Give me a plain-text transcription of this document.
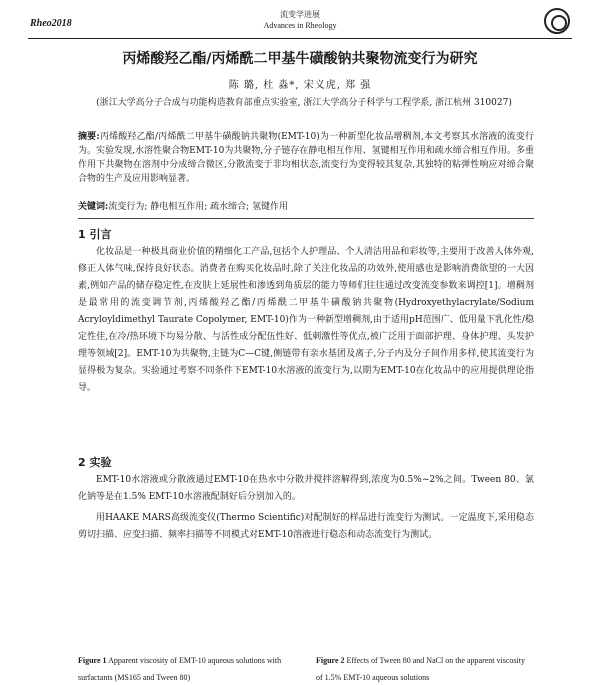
Rheo2018
流变学进展
Advances in Rheology
丙烯酸羟乙酯/丙烯酰二甲基牛磺酸钠共聚物流变行为研究
陈 璐, 杜 淼*, 宋义虎, 郑 强
(浙江大学高分子合成与功能构造教育部重点实验室, 浙江大学高分子科学与工程学系, 浙江杭州 310027)
摘要:丙烯酸羟乙酯/丙烯酰二甲基牛磺酸钠共聚物(EMT-10)为一种新型化妆品增稠剂,本文考察其水溶液的流变行为。实验发现,水溶性聚合物EMT-10为共聚物,分子链存在静电相互作用、氢键相互作用和疏水缔合相互作用。多重作用下共聚物在溶剂中分成缔合微区,分散流变于非均相状态,流变行为变得较其复杂,其独特的粘弹性响应对缔合聚合物的生产及应用影响显著。
关键词:流变行为; 静电相互作用; 疏水缔合; 氢键作用
1 引言
化妆品是一种极具商业价值的精细化工产品,包括个人护理品、个人清洁用品和彩妆等,主要用于改善人体外观,修正人体气味,保持良好状态。消费者在购买化妆品时,除了关注化妆品的功效外,使用感也是影响消费欲望的一大因素,例如产品的储存稳定性,在皮肤上延展性和渗透到角质层的能力等师们往往通过改变流变参数来调控[1]。增稠剂是最常用的流变调节剂,丙烯酸羟乙酯/丙烯酰二甲基牛磺酸钠共聚物(Hydroxyethylacrylate/Sodium Acryloyldimethyl Taurate Copolymer, EMT-10)作为一种新型增稠剂,由于适用pH范围广、低用量下乳化性/稳定性佳,在冷/热环境下均易分散、与活性成分配伍性好、低刺激性等优点,被广泛用于面部护理、身体护理、头发护理等领域[2]。EMT-10为共聚物,主链为C—C键,侧链带有亲水基团及离子,分子内及分子间作用多样,使其流变行为显得极为复杂。实验通过考察不同条件下EMT-10水溶液的流变行为,以期为EMT-10在化妆品中的应用提供理论指导。
2 实验
EMT-10水溶液或分散液通过EMT-10在热水中分散并搅拌溶解得到,浓度为0.5%~2%之间。Tween 80、氯化钠等是在1.5% EMT-10水溶液配制好后分别加入的。
用HAAKE MARS高级流变仪(Thermo Scientific)对配制好的样品进行流变行为测试。一定温度下,采用稳态剪切扫描、应变扫描、频率扫描等不同模式对EMT-10溶液进行稳态和动态流变行为测试。
Figure 1 Apparent viscosity of EMT-10 aqueous solutions with surfactants (MS165 and Tween 80)
Figure 2 Effects of Tween 80 and NaCl on the apparent viscosity of 1.5% EMT-10 aqueous solutions
